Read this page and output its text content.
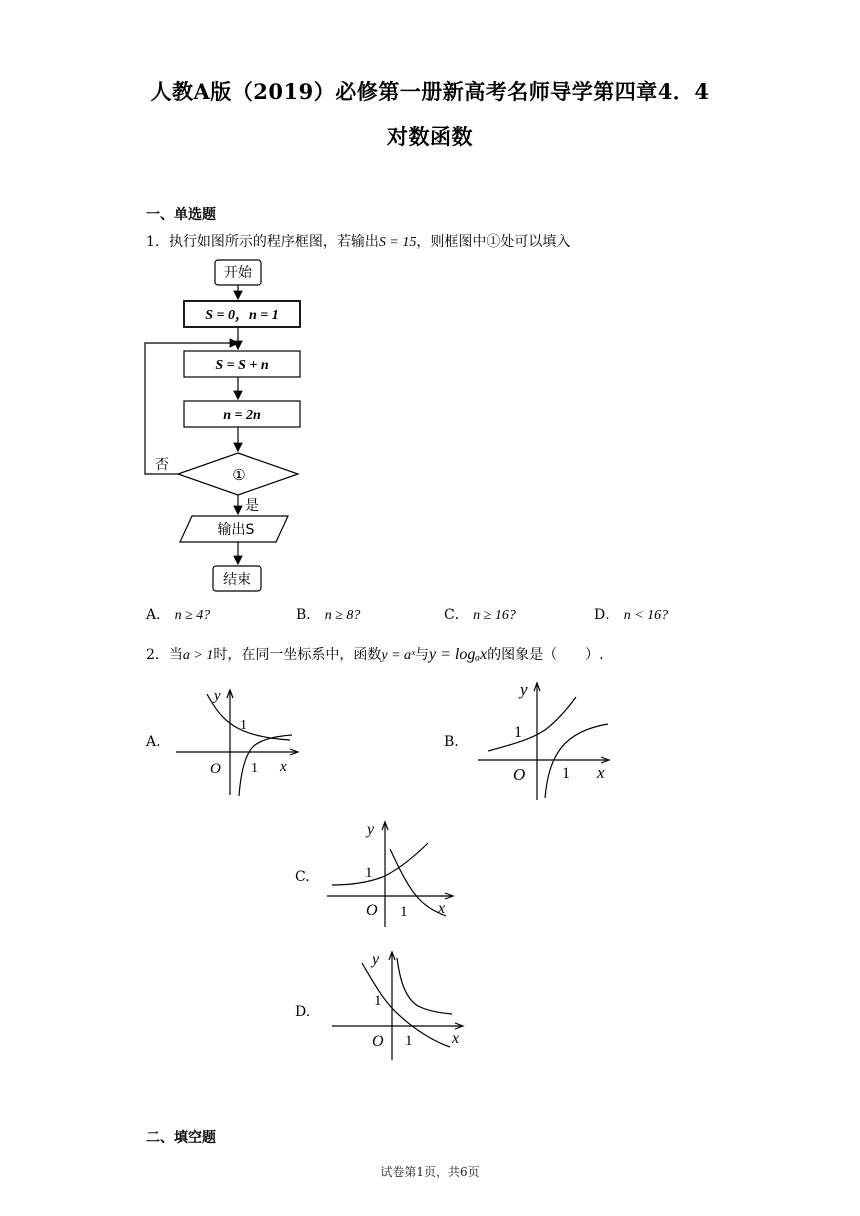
人教A版（2019）必修第一册新高考名师导学第四章4．4
对数函数
一、单选题
1．执行如图所示的程序框图，若输出S = 15，则框图中①处可以填入
开始
S = 0，n = 1
S = S + n
n = 2n
①
否
是
输出S
结束
A． n ≥ 4?	B． n ≥ 8?	C． n ≥ 16?	D． n < 16?
2．当a > 1时，在同一坐标系中，函数y = aˣ与y = logₐx的图象是（　　）.
A.
y
1
O 1 x
B.
y
1
O 1 x
C.
y
1
O 1 x
D.
y
1
O 1 x
二、填空题
试卷第1页，共6页
